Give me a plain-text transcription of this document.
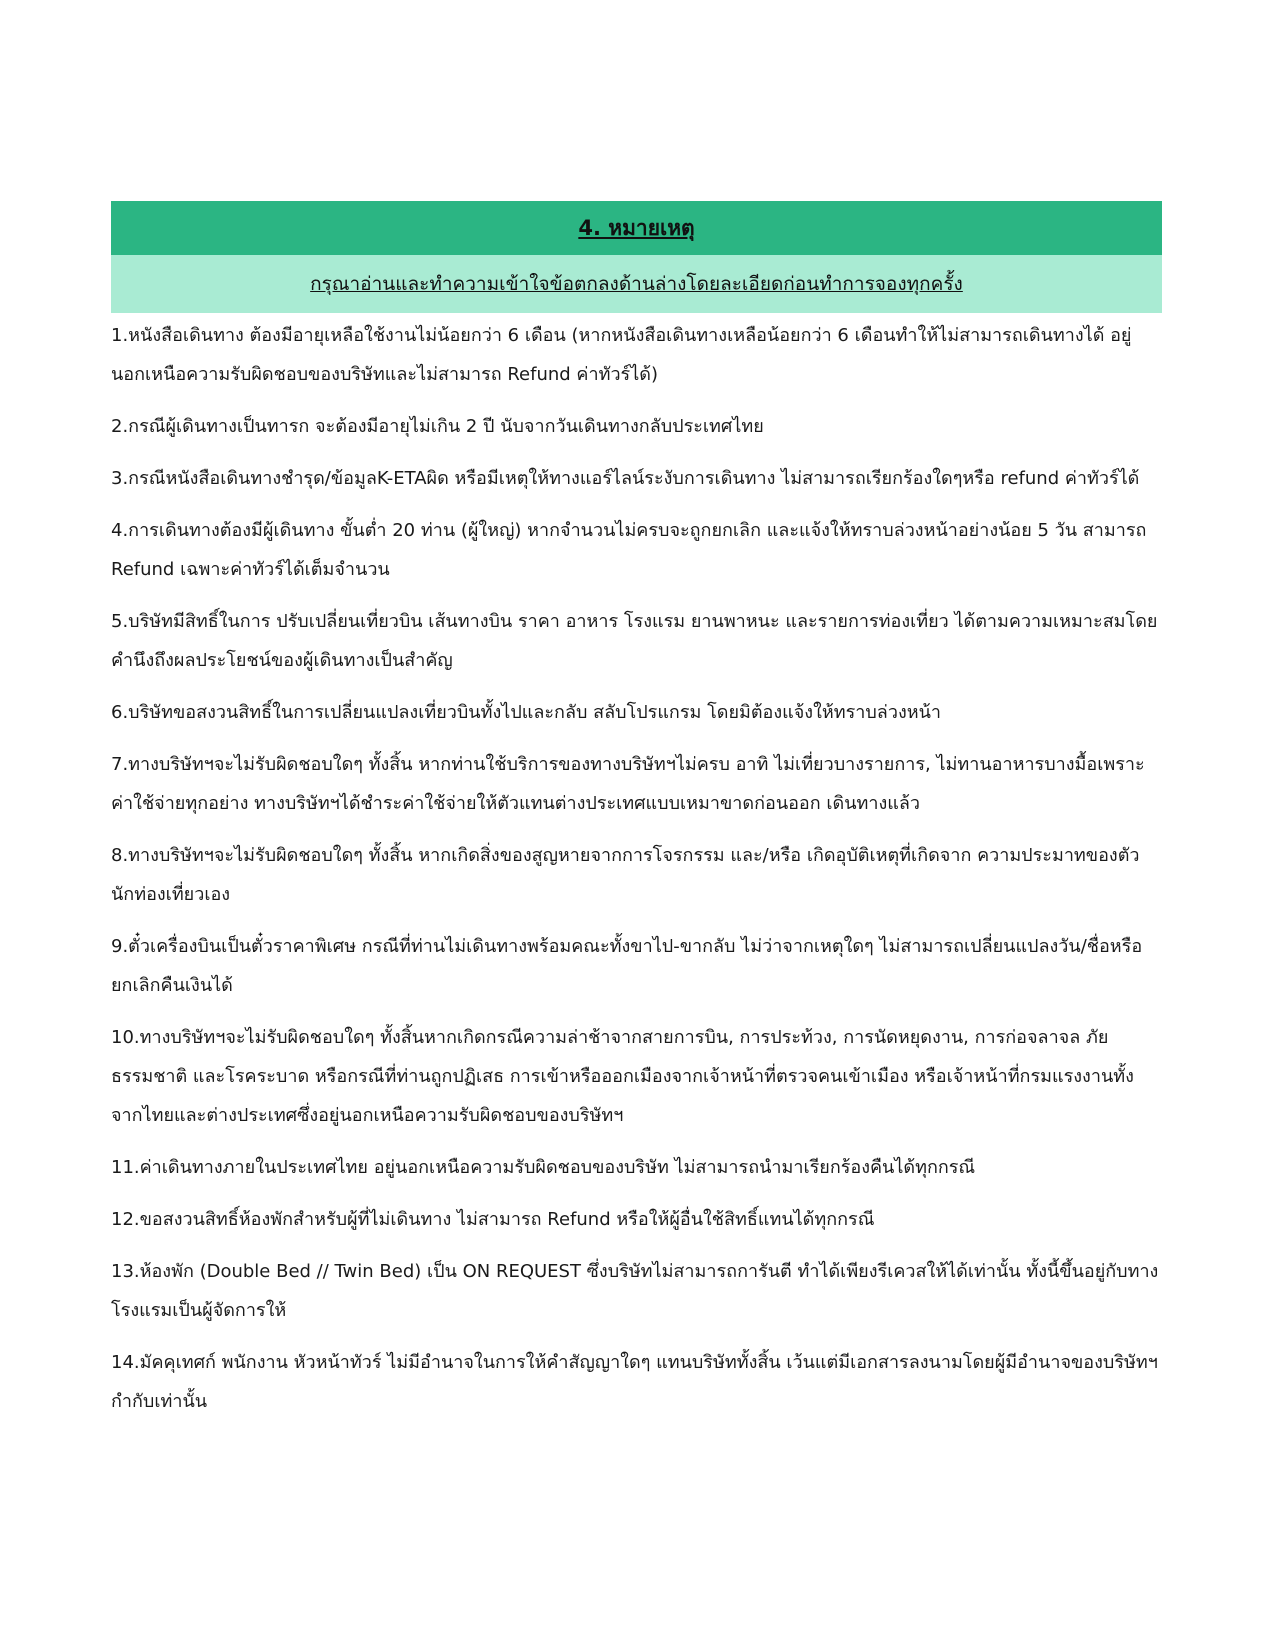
4. หมายเหตุ
กรุณาอ่านและทำความเข้าใจข้อตกลงด้านล่างโดยละเอียดก่อนทำการจองทุกครั้ง
1.หนังสือเดินทาง ต้องมีอายุเหลือใช้งานไม่น้อยกว่า 6 เดือน (หากหนังสือเดินทางเหลือน้อยกว่า 6 เดือนทำให้ไม่สามารถเดินทางได้ อยู่นอกเหนือความรับผิดชอบของบริษัทและไม่สามารถ Refund ค่าทัวร์ได้)
2.กรณีผู้เดินทางเป็นทารก จะต้องมีอายุไม่เกิน 2 ปี นับจากวันเดินทางกลับประเทศไทย
3.กรณีหนังสือเดินทางชำรุด/ข้อมูลK-ETAผิด หรือมีเหตุให้ทางแอร์ไลน์ระงับการเดินทาง ไม่สามารถเรียกร้องใดๆหรือ refund ค่าทัวร์ได้
4.การเดินทางต้องมีผู้เดินทาง ขั้นต่ำ 20 ท่าน (ผู้ใหญ่) หากจำนวนไม่ครบจะถูกยกเลิก และแจ้งให้ทราบล่วงหน้าอย่างน้อย 5 วัน สามารถ Refund เฉพาะค่าทัวร์ได้เต็มจำนวน
5.บริษัทมีสิทธิ์ในการ ปรับเปลี่ยนเที่ยวบิน เส้นทางบิน ราคา อาหาร โรงแรม ยานพาหนะ และรายการท่องเที่ยว ได้ตามความเหมาะสมโดยคำนึงถึงผลประโยชน์ของผู้เดินทางเป็นสำคัญ
6.บริษัทขอสงวนสิทธิ์ในการเปลี่ยนแปลงเที่ยวบินทั้งไปและกลับ สลับโปรแกรม โดยมิต้องแจ้งให้ทราบล่วงหน้า
7.ทางบริษัทฯจะไม่รับผิดชอบใดๆ ทั้งสิ้น หากท่านใช้บริการของทางบริษัทฯไม่ครบ อาทิ ไม่เที่ยวบางรายการ, ไม่ทานอาหารบางมื้อเพราะค่าใช้จ่ายทุกอย่าง ทางบริษัทฯได้ชำระค่าใช้จ่ายให้ตัวแทนต่างประเทศแบบเหมาขาดก่อนออก เดินทางแล้ว
8.ทางบริษัทฯจะไม่รับผิดชอบใดๆ ทั้งสิ้น หากเกิดสิ่งของสูญหายจากการโจรกรรม และ/หรือ เกิดอุบัติเหตุที่เกิดจาก ความประมาทของตัวนักท่องเที่ยวเอง
9.ตั๋วเครื่องบินเป็นตั๋วราคาพิเศษ กรณีที่ท่านไม่เดินทางพร้อมคณะทั้งขาไป-ขากลับ ไม่ว่าจากเหตุใดๆ ไม่สามารถเปลี่ยนแปลงวัน/ชื่อหรือยกเลิกคืนเงินได้
10.ทางบริษัทฯจะไม่รับผิดชอบใดๆ ทั้งสิ้นหากเกิดกรณีความล่าช้าจากสายการบิน, การประท้วง, การนัดหยุดงาน, การก่อจลาจล ภัยธรรมชาติ และโรคระบาด หรือกรณีที่ท่านถูกปฏิเสธ การเข้าหรือออกเมืองจากเจ้าหน้าที่ตรวจคนเข้าเมือง หรือเจ้าหน้าที่กรมแรงงานทั้งจากไทยและต่างประเทศซึ่งอยู่นอกเหนือความรับผิดชอบของบริษัทฯ
11.ค่าเดินทางภายในประเทศไทย อยู่นอกเหนือความรับผิดชอบของบริษัท ไม่สามารถนำมาเรียกร้องคืนได้ทุกกรณี
12.ขอสงวนสิทธิ์ห้องพักสำหรับผู้ที่ไม่เดินทาง ไม่สามารถ Refund หรือให้ผู้อื่นใช้สิทธิ์แทนได้ทุกกรณี
13.ห้องพัก (Double Bed // Twin Bed) เป็น ON REQUEST ซึ่งบริษัทไม่สามารถการันตี ทำได้เพียงรีเควสให้ได้เท่านั้น ทั้งนี้ขึ้นอยู่กับทางโรงแรมเป็นผู้จัดการให้
14.มัคคุเทศก์ พนักงาน หัวหน้าทัวร์ ไม่มีอำนาจในการให้คำสัญญาใดๆ แทนบริษัททั้งสิ้น เว้นแต่มีเอกสารลงนามโดยผู้มีอำนาจของบริษัทฯกำกับเท่านั้น
